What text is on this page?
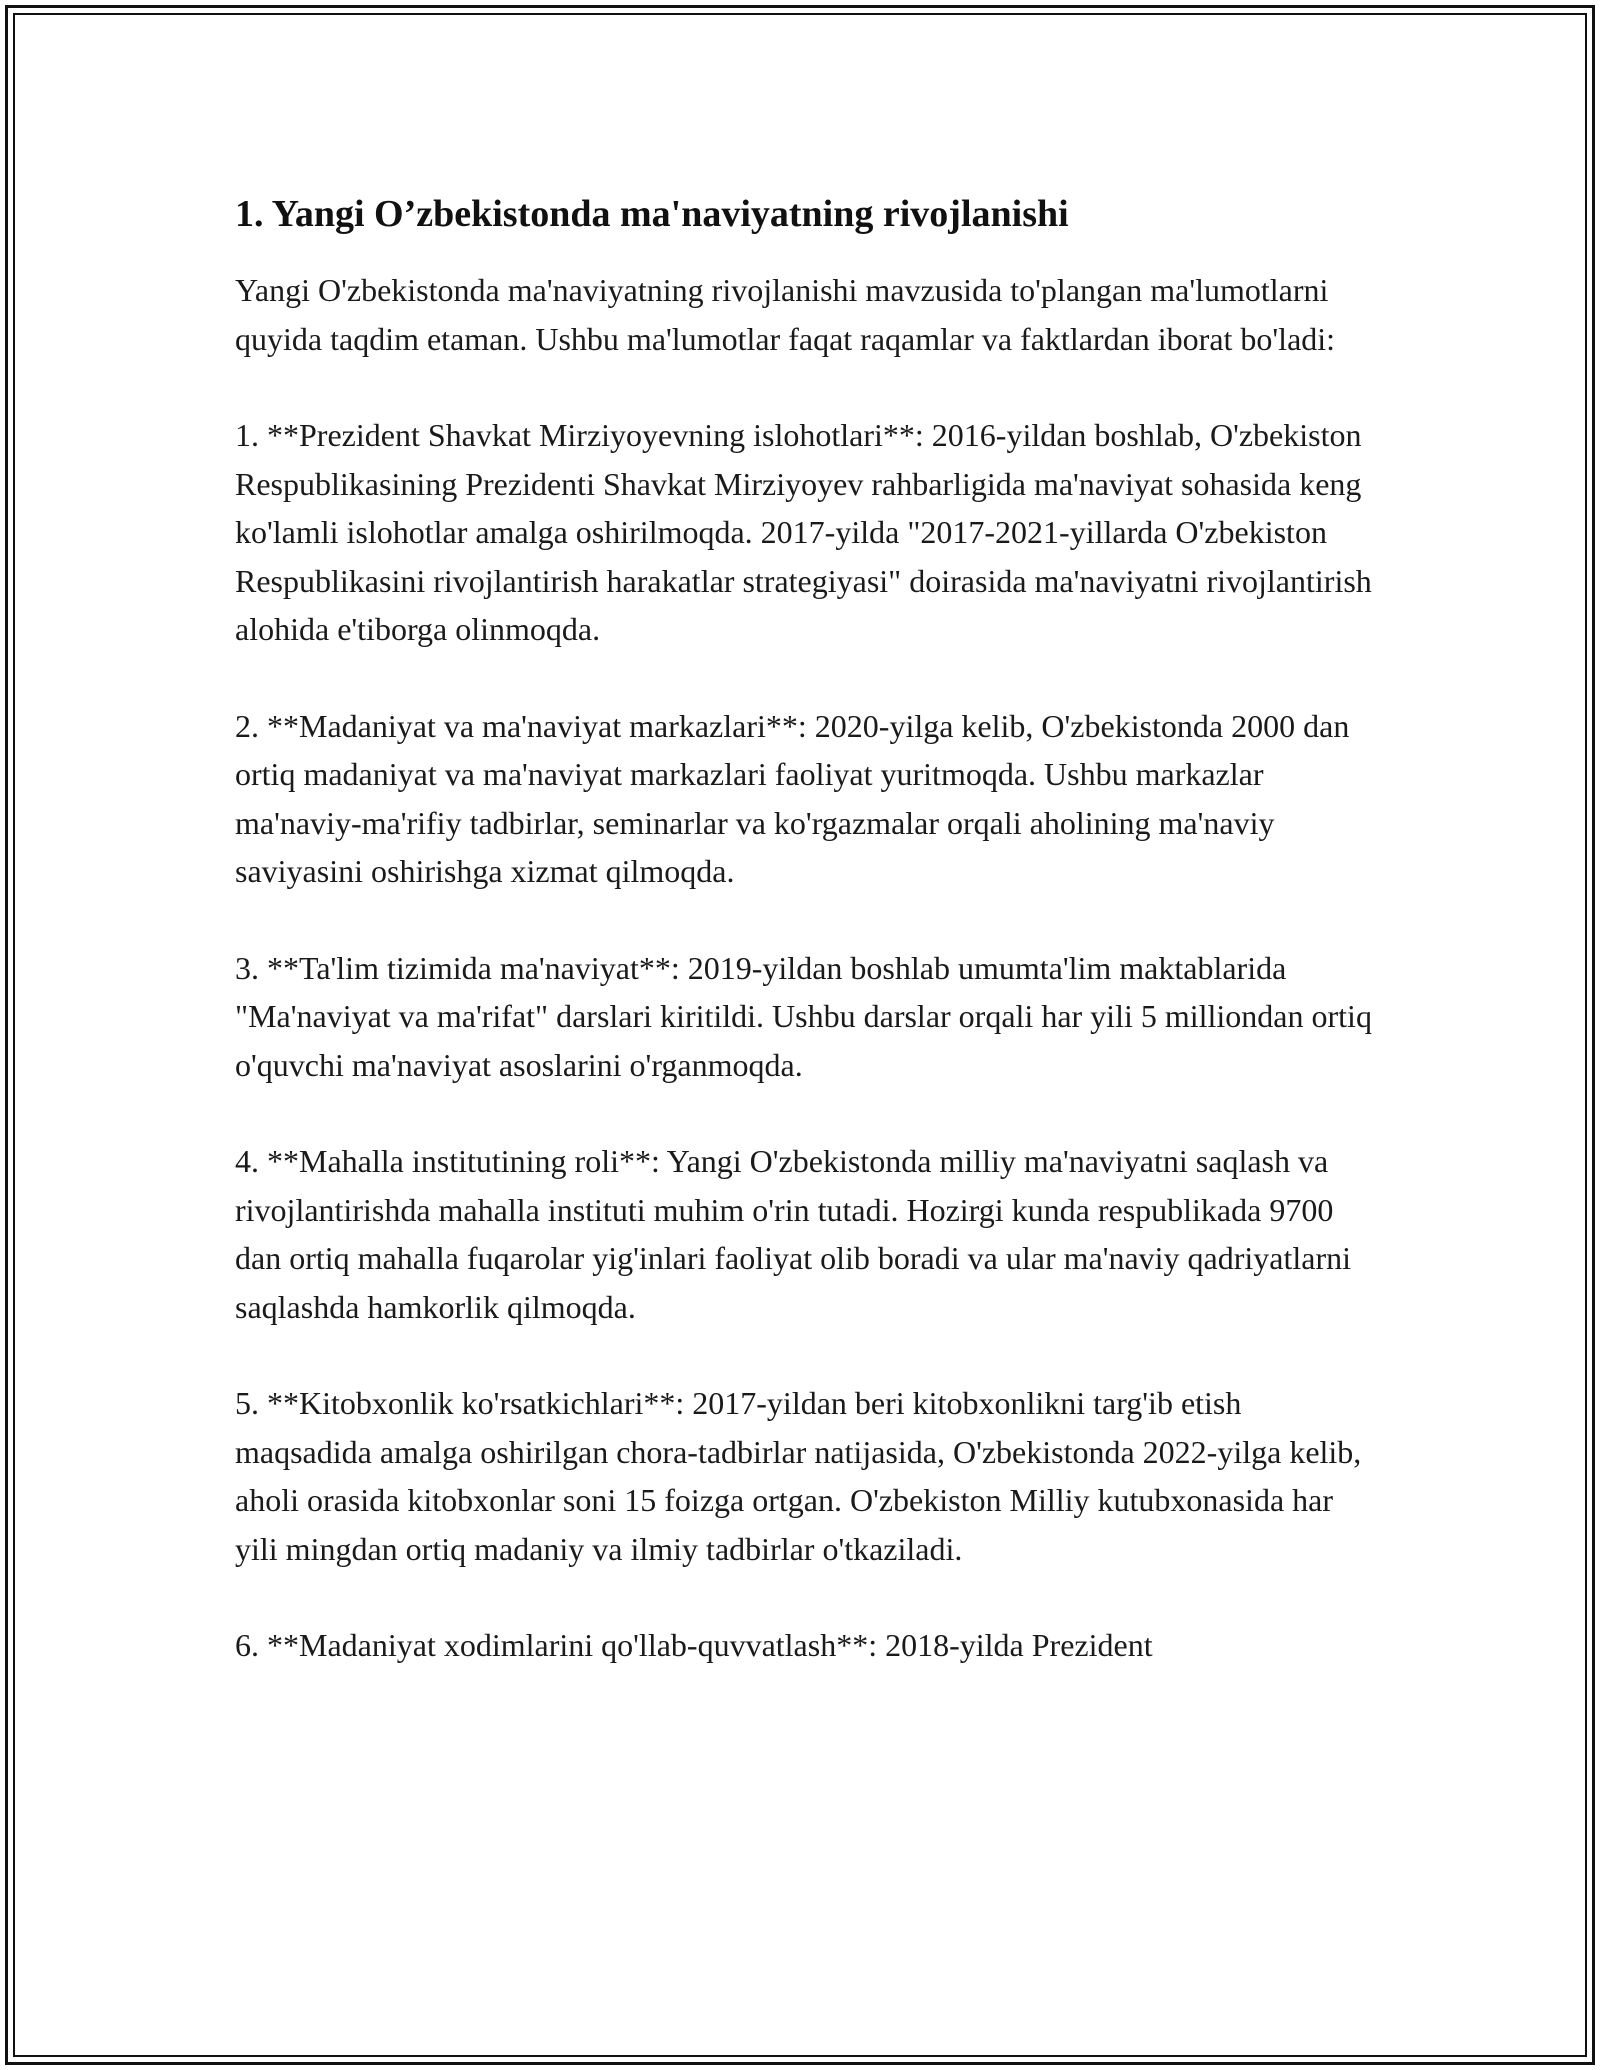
1. Yangi O’zbekistonda ma'naviyatning rivojlanishi

Yangi O'zbekistonda ma'naviyatning rivojlanishi mavzusida to'plangan ma'lumotlarni quyida taqdim etaman. Ushbu ma'lumotlar faqat raqamlar va faktlardan iborat bo'ladi:

1. **Prezident Shavkat Mirziyoyevning islohotlari**: 2016-yildan boshlab, O'zbekiston Respublikasining Prezidenti Shavkat Mirziyoyev rahbarligida ma'naviyat sohasida keng ko'lamli islohotlar amalga oshirilmoqda. 2017-yilda "2017-2021-yillarda O'zbekiston Respublikasini rivojlantirish harakatlar strategiyasi" doirasida ma'naviyatni rivojlantirish alohida e'tiborga olinmoqda.

2. **Madaniyat va ma'naviyat markazlari**: 2020-yilga kelib, O'zbekistonda 2000 dan ortiq madaniyat va ma'naviyat markazlari faoliyat yuritmoqda. Ushbu markazlar ma'naviy-ma'rifiy tadbirlar, seminarlar va ko'rgazmalar orqali aholining ma'naviy saviyasini oshirishga xizmat qilmoqda.

3. **Ta'lim tizimida ma'naviyat**: 2019-yildan boshlab umumta'lim maktablarida "Ma'naviyat va ma'rifat" darslari kiritildi. Ushbu darslar orqali har yili 5 milliondan ortiq o'quvchi ma'naviyat asoslarini o'rganmoqda.

4. **Mahalla institutining roli**: Yangi O'zbekistonda milliy ma'naviyatni saqlash va rivojlantirishda mahalla instituti muhim o'rin tutadi. Hozirgi kunda respublikada 9700 dan ortiq mahalla fuqarolar yig'inlari faoliyat olib boradi va ular ma'naviy qadriyatlarni saqlashda hamkorlik qilmoqda.

5. **Kitobxonlik ko'rsatkichlari**: 2017-yildan beri kitobxonlikni targ'ib etish maqsadida amalga oshirilgan chora-tadbirlar natijasida, O'zbekistonda 2022-yilga kelib, aholi orasida kitobxonlar soni 15 foizga ortgan. O'zbekiston Milliy kutubxonasida har yili mingdan ortiq madaniy va ilmiy tadbirlar o'tkaziladi.

6. **Madaniyat xodimlarini qo'llab-quvvatlash**: 2018-yilda Prezident
